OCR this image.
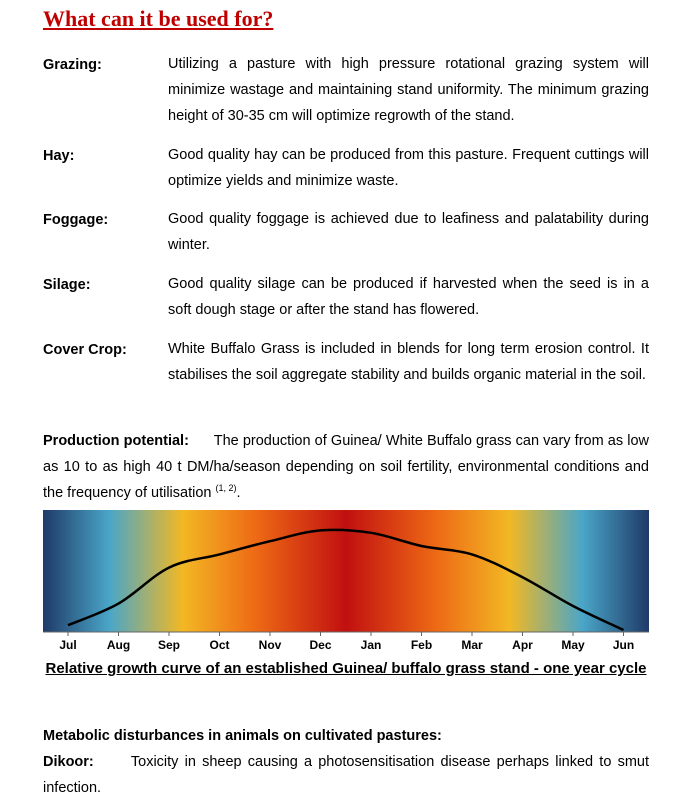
What can it be used for?
Grazing:	Utilizing a pasture with high pressure rotational grazing system will minimize wastage and maintaining stand uniformity. The minimum grazing height of 30-35 cm will optimize regrowth of the stand.

Hay:	Good quality hay can be produced from this pasture. Frequent cuttings will optimize yields and minimize waste.

Foggage:	Good quality foggage is achieved due to leafiness and palatability during winter.

Silage:	Good quality silage can be produced if harvested when the seed is in a soft dough stage or after the stand has flowered.

Cover Crop:	White Buffalo Grass is included in blends for long term erosion control. It stabilises the soil aggregate stability and builds organic material in the soil.

Production potential: The production of Guinea/ White Buffalo grass can vary from as low as 10 to as high 40 t DM/ha/season depending on soil fertility, environmental conditions and the frequency of utilisation $^{(1, 2)}$.

Jul	Aug Sep Oct Nov Dec Jan Feb Mar Apr May Jun

Relative growth curve of an established Guinea/ buffalo grass stand - one year cycle

Metabolic disturbances in animals on cultivated pastures:

Dikoor:	Toxicity in sheep causing a photosensitisation disease perhaps linked to smut infection.
